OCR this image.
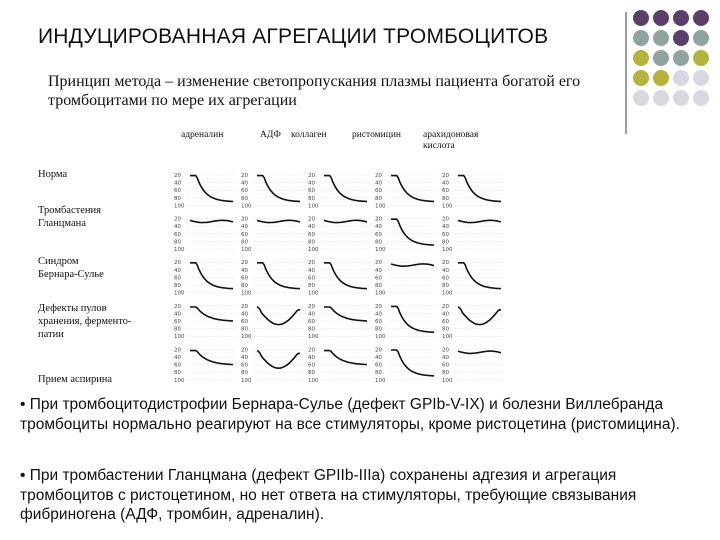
ИНДУЦИРОВАННАЯ АГРЕГАЦИИ ТРОМБОЦИТОВ
Принцип метода – изменение светопропускания плазмы пациента богатой его тромбоцитами по мере их агрегации
адреналин	АДФ коллаген	ристомицин арахидоновая
кислота
Норма
Тромбастения
Гланцмана
Синдром
Бернара-Сулье
Дефекты пулов
хранения, ферменто-
патии
Прием аспирина
20
40
60
80
100
20
40
60
80
100
20
40
60
80
100
20
40
60
80
100
20
40
60
80
100
20
40
60
80
100
20
40
60
80
100
20
40
60
80
100
20
40
60
80
100
20
40
60
80
100
20
40
60
80
100
20
40
60
80
100
20
40
60
80
100
20
40
60
80
100
20
40
60
80
100
20
40
60
80
100
20
40
60
80
100
20
40
60
80
100
20
40
60
80
100
20
40
60
80
100
20
40
60
80
100
20
40
60
80
100
20
40
60
80
100
20
40
60
80
100
20
40
60
80
100
• При тромбоцитодистрофии Бернара-Сулье (дефект GPIb-V-IX) и болезни Виллебранда тромбоциты нормально реагируют на все стимуляторы, кроме ристоцетина (ристомицина).
• При тромбастении Гланцмана (дефект GPIIb-IIIa) сохранены адгезия и агрегация тромбоцитов с ристоцетином, но нет ответа на стимуляторы, требующие связывания фибриногена (АДФ, тромбин, адреналин).
